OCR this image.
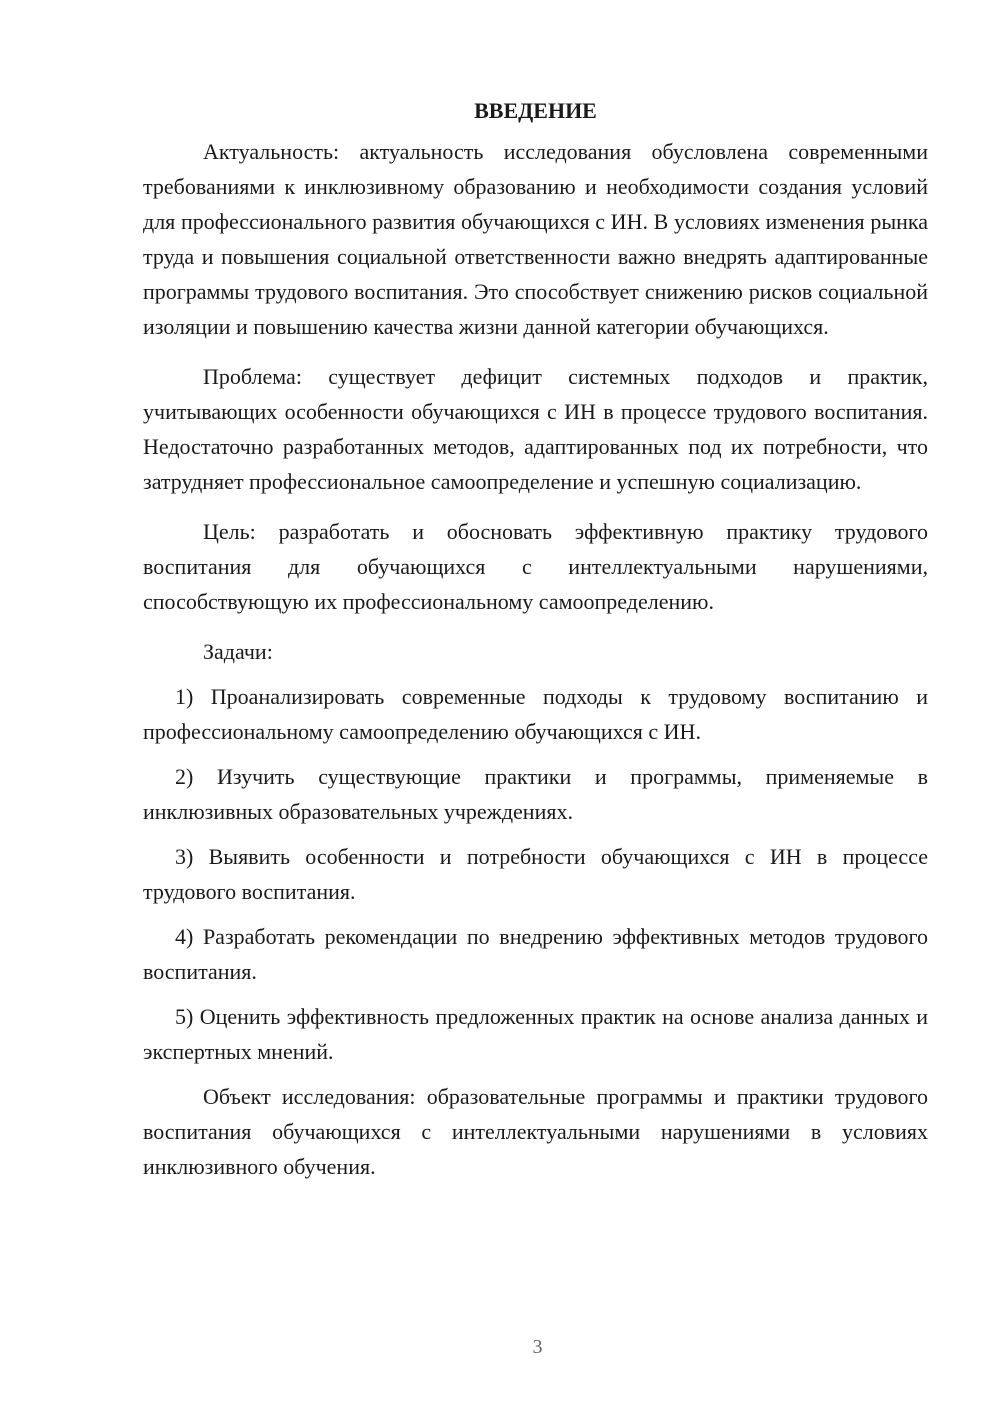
ВВЕДЕНИЕ

Актуальность: актуальность исследования обусловлена современными требованиями к инклюзивному образованию и необходимости создания условий для профессионального развития обучающихся с ИН. В условиях изменения рынка труда и повышения социальной ответственности важно внедрять адаптированные программы трудового воспитания. Это способствует снижению рисков социальной изоляции и повышению качества жизни данной категории обучающихся.

Проблема: существует дефицит системных подходов и практик, учитывающих особенности обучающихся с ИН в процессе трудового воспитания. Недостаточно разработанных методов, адаптированных под их потребности, что затрудняет профессиональное самоопределение и успешную социализацию.

Цель: разработать и обосновать эффективную практику трудового воспитания для обучающихся с интеллектуальными нарушениями, способствующую их профессиональному самоопределению.

Задачи:

1) Проанализировать современные подходы к трудовому воспитанию и профессиональному самоопределению обучающихся с ИН.

2) Изучить существующие практики и программы, применяемые в инклюзивных образовательных учреждениях.

3) Выявить особенности и потребности обучающихся с ИН в процессе трудового воспитания.

4) Разработать рекомендации по внедрению эффективных методов трудового воспитания.

5) Оценить эффективность предложенных практик на основе анализа данных и экспертных мнений.

Объект исследования: образовательные программы и практики трудового воспитания обучающихся с интеллектуальными нарушениями в условиях инклюзивного обучения.

3
